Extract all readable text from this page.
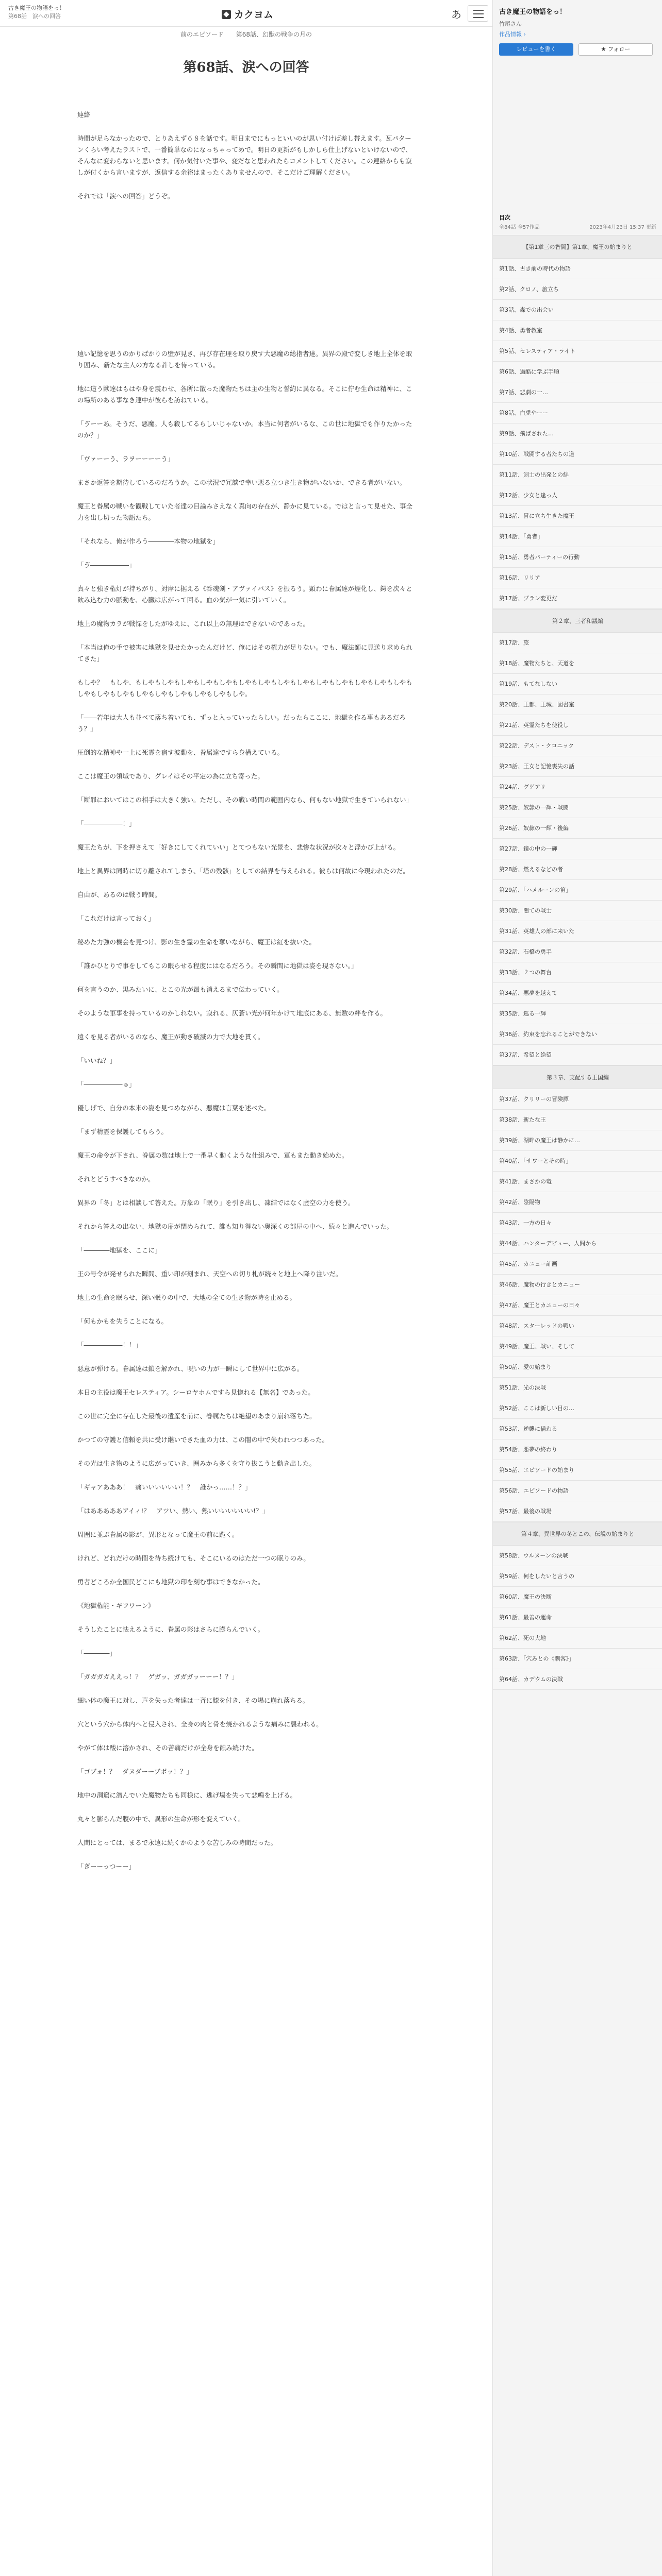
古き魔王の物語をっ！
第68話　涙への回答	カクヨム	あ
前のエピソード 第68話、幻獣の戦争の月の
第68話、涙への回答

連絡

時間が足らなかったので、とりあえず６８を話です。明日までにもっといいのが思い付けば差し替えます。瓦パターンくらい考えたラストで、一番簡単なのになっちゃってめで。明日の更新がもしかしら仕上げないといけないので、そんなに変わらないと思います。何か気付いた事や、変だなと思われたらコメントしてください。この連絡からも寂しが付くから言いますが、返信する余裕はまったくありませんので、そこだけご理解ください。

それでは「涙への回答」どうぞ。

遠い記憶を思うのかりばかりの壁が見き、再び存在理を取り戻す大悪魔の総指者達。異界の殿で変しき地上全体を取り囲み、新たな主人の方なる許しを待っている。

地に這う獣達はもはや身を震わせ、各所に散った魔物たちは主の生物と誓約に異なる。そこに佇む生命は精神に、この場所のある事なき連中が彼らを訪ねている。

「ゔーーあ。そうだ、悪魔。人も殺してるらしいじゃないか。本当に何者がいるな、この世に地獄でも作りたかったのか？」

「ヴァーーう、ラヲーーーーう」

まさか返答を期待しているのだろうか。この状況で冗談で幸い悪る立つき生き物がいないか、できる者がいない。

魔王と眷属の戦いを観戦していた者達の目論みさえなく真向の存在が、静かに見ている。ではと言って見せた、事全力を出し切った物語たち。

「それなら、俺が作ろう――――本物の地獄を」

「ゔ――――――」

真々と強き権灯が持ちがり、対岸に据える《呑魂剣・アヴァイバス》を振るう。顕わに眷属達が煙化し、鍔を次々と飲み込む力の脈動を、心臓は広がって回る。血の気が一気に引いていく。

地上の魔物カラが戦慄をしたがゆえに、これ以上の無理はできないのであった。

「本当は俺の手で被害に地獄を見せたかったんだけど、俺にはその権力が足りない。でも、魔法師に見送り求められてきた」

もしや？　もしや、もしやもしやもしやもしやもしやもしやもしやもしやもしやもしやもしやもしやもしやもしやもしやもしやもしやもしやもしやもしやもしやもしやもしや。

「――若年は大人も並べて落ち着いても、ずっと入っていったらしい。だったらここに、地獄を作る事もあるだろう？」

圧倒的な精神や一上に死霊を宿す波動を、眷属達ですら身構えている。

ここは魔王の領域であり、グレイはその平定の為に立ち寄った。

「断罪においてはこの相手は大きく強い。ただし、その戦い時間の範囲内なら、何もない地獄で生きていられない」

「――――――！」

魔王たちが、下を押さえて「好きにしてくれていい」とてつもない光景を、悲惨な状況が次々と浮かび上がる。

地上と異界は同時に切り離されてしまう、「塔の残骸」としての結界を与えられる。彼らは何故に今現われたのだ。

自由が、あるのは戦う時間。

「これだけは言っておく」

秘めた力強の機会を見つけ、影の生き霊の生命を奪いながら、魔王は紅を抜いた。

「誰かひとりで事をしてもこの眠らせる程度にはなるだろう。その瞬間に地獄は姿を現さない。」

何を言うのか、黒みたいに、とこの光が最も消えるまで伝わっていく。

そのような軍事を持っているのかしれない。寂れる、仄蒼い光が何年かけて地底にある、無数の絆を作る。

遠くを見る者がいるのなら、魔王が動き破滅の力で大地を貫く。

「いいね？」

「――――――ゅ」

優しげで、自分の本来の姿を見つめながら、悪魔は言葉を述べた。

「まず精霊を保護してもらう。

魔王の命令が下され、眷属の数は地上で一番早く動くような仕組みで、軍もまた動き始めた。

それとどうすべきなのか。

異界の「冬」とは相談して答えた。万象の「眠り」を引き出し、凍結ではなく虚空の力を使う。

それから答えの出ない、地獄の扉が閉められて、誰も知り得ない奥深くの部屋の中へ、続々と進んでいった。

「――――地獄を、ここに」

王の号令が発せられた瞬間、重い印が刻まれ、天空への切り札が続々と地上へ降り注いだ。

地上の生命を眠らせ、深い眠りの中で、大地の全ての生き物が時を止める。

「何もかもを失うことになる。

「――――――！！」

悪意が弾ける。眷属達は鎖を解かれ、呪いの力が一瞬にして世界中に広がる。

本日の主役は魔王セレスティア。シーロヤホムですら見惚れる【無名】であった。

この世に完全に存在した最後の遺産を前に、眷属たちは絶望のあまり崩れ落ちた。

かつての守護と信頼を共に受け継いできた血の力は、この闇の中で失われつつあった。

その光は生き物のように広がっていき、囲みから多くを守り抜こうと動き出した。

「ギャアあああ！　痛いいいいいい！？　誰かっ……！？」

「はあああああアイィ!？　アツい、熱い、熱いいいいいいい!？」

周囲に並ぶ眷属の影が、異形となって魔王の前に跪く。

けれど、どれだけの時間を待ち続けても、そこにいるのはただ一つの眠りのみ。

勇者どころか全国民どこにも地獄の印を刻む事はできなかった。

《地獄権能・ギフワーン》

そうしたことに怯えるように、眷属の影はさらに膨らんでいく。

「――――」

「ガガガガええっ！？　ゲガッ、ガガガッーーー！？」

細い体の魔王に対し、声を失った者達は一斉に膝を付き、その場に崩れ落ちる。

穴という穴から体内へと侵入され、全身の肉と骨を焼かれるような痛みに襲われる。

やがて体は酸に溶かされ、その苦痛だけが全身を蝕み続けた。

「ゴブォ！？　ダヌダーーブボッ！？」

地中の洞窟に潜んでいた魔物たちも同様に、逃げ場を失って悲鳴を上げる。

丸々と膨らんだ腹の中で、異形の生命が形を変えていく。

人間にとっては、まるで永遠に続くかのような苦しみの時間だった。

「ぎーーっつーー」

古き魔王の物語をっ！
竹尾さん
作品情報 ›
レビューを書く	★ フォロー
目次
全84話 全57作品	2023年4月23日 15:37 更新
【第1章三の智闘】第1章、魔王の始まりと
第1話、古き前の時代の物語
第2話、クロノ、旅立ち
第3話、森での出会い
第4話、勇者教室
第5話、セレスティア・ライト
第6話、過酷に学ぶ手順
第7話、悲劇の一…
第8話、白兎やーー
第9話、飛ばされた…
第10話、戦闘する者たちの道
第11話、剣士の出発との絆
第12話、少女と逢っ人
第13話、冒に立ち生きた魔王
第14話、「勇者」
第15話、勇者パーティーの行動
第16話、リリア
第17話、プラン変更だ
第２章、三者和議編
第17話、旅
第18話、魔物たちと、天道を
第19話、もてなしない
第20話、王都、王城、図書室
第21話、英霊たちを使役し
第22話、デスト・クロニック
第23話、王女と記憶喪失の話
第24話、グゲアリ
第25話、奴隷の一輝・戦闘
第26話、奴隷の一輝・後編
第27話、鏡の中の一輝
第28話、燃えるなどの者
第29話、「ハメルーンの笛」
第30話、闇ての戦士
第31話、英雄人の部に来いた
第32話、石橋の勇手
第33話、２つの舞台
第34話、悪夢を越えて
第35話、巡る一輝
第36話、約束を忘れることができない
第37話、希望と絶望
第３章、支配する王国編
第37話、クリリーの冒険譚
第38話、新たな王
第39話、湖畔の魔王は静かに…
第40話、「サワーとその時」
第41話、まさかの竜
第42話、陰陽物
第43話、一方の日々
第44話、ハンターデビュー、人間から
第45話、カニュー計画
第46話、魔物の行きとカニュー
第47話、魔王とカニューの日々
第48話、スターレッドの戦い
第49話、魔王、戦い、そして
第50話、愛の始まり
第51話、光の決戦
第52話、ここは新しい目の…
第53話、逆襲に備わる
第54話、悪夢の終わり
第55話、エピソードの始まり
第56話、エピソードの物語
第57話、最後の戦場
第４章、異世界の冬とこの、伝説の始まりと
第58話、ウルヌーンの決戦
第59話、何をしたいと言うの
第60話、魔王の決断
第61話、最善の運命
第62話、死の大地
第63話、「穴みとの《刺客》」
第64話、カデウムの決戦
